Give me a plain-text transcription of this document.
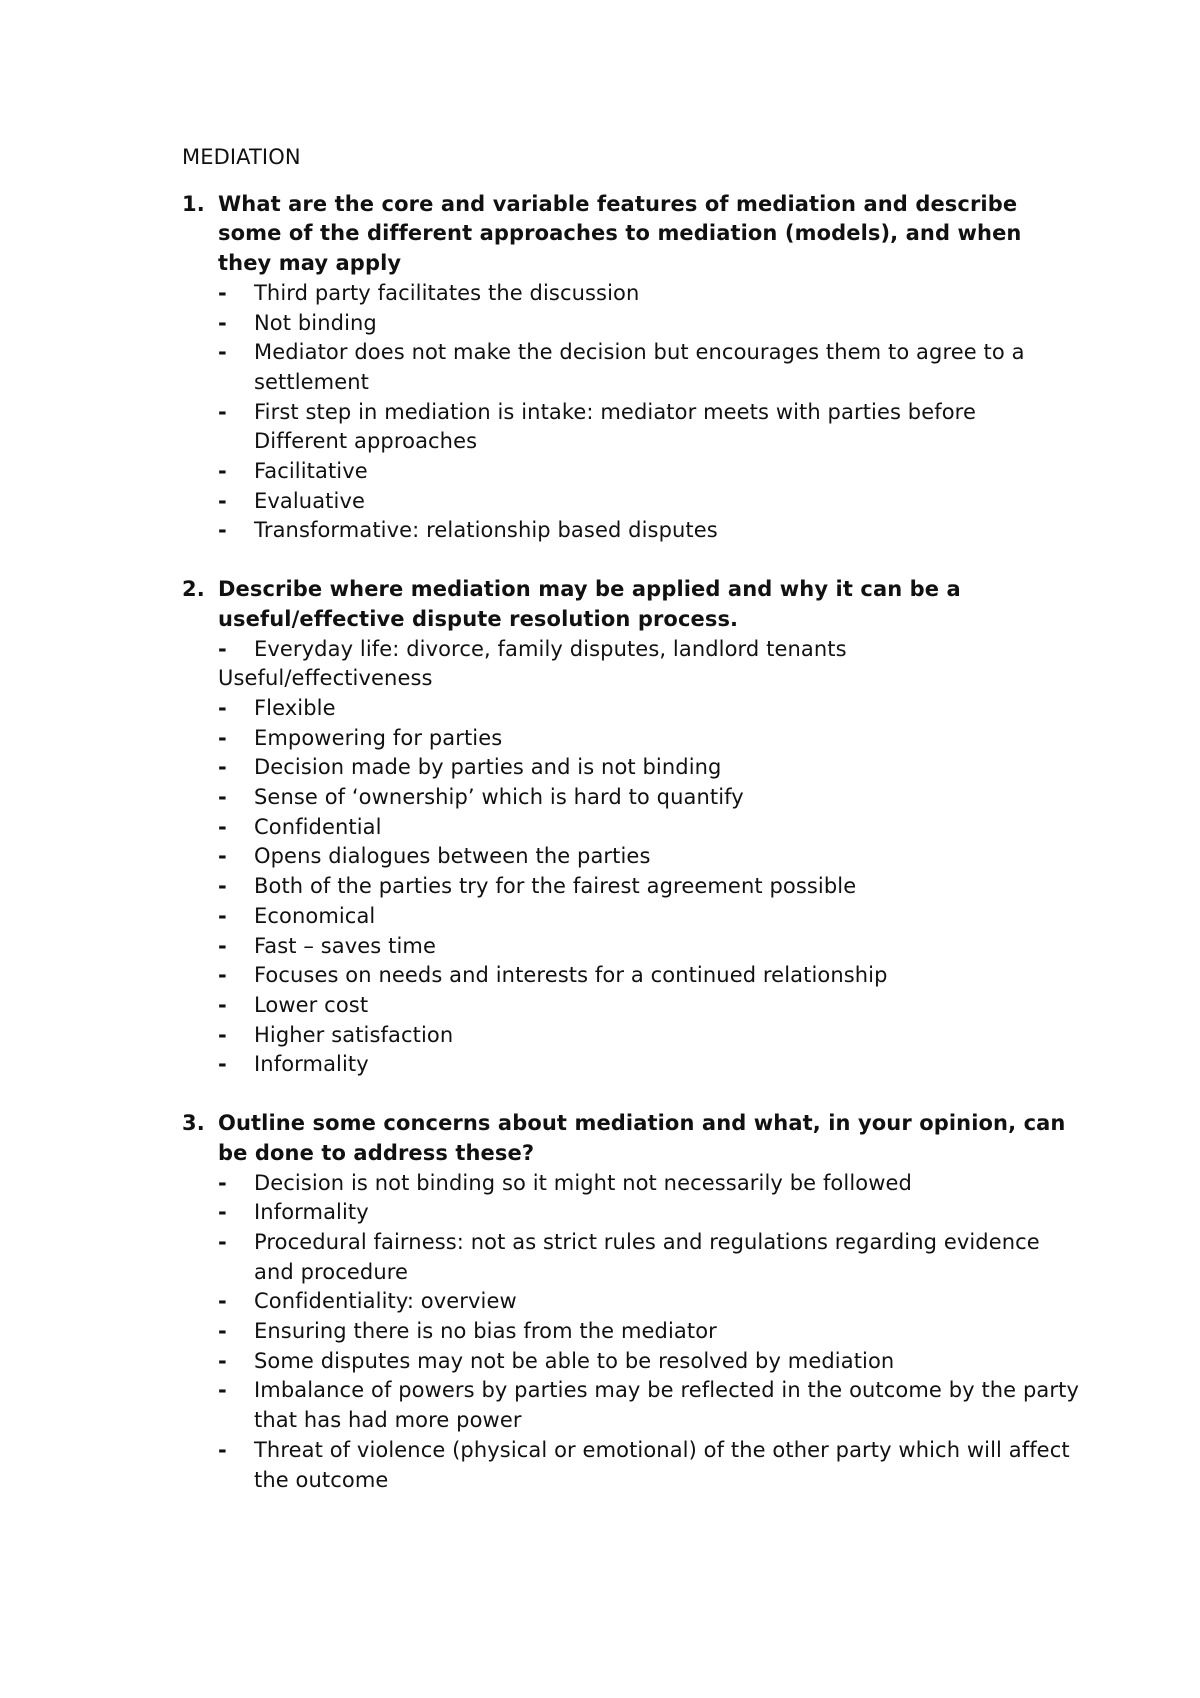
MEDIATION
1. What are the core and variable features of mediation and describe some of the different approaches to mediation (models), and when they may apply
-	Third party facilitates the discussion
-	Not binding
-	Mediator does not make the decision but encourages them to agree to a settlement
-	First step in mediation is intake: mediator meets with parties before
Different approaches
-	Facilitative
-	Evaluative
-	Transformative: relationship based disputes
2. Describe where mediation may be applied and why it can be a useful/effective dispute resolution process.
-	Everyday life: divorce, family disputes, landlord tenants
Useful/effectiveness
-	Flexible
-	Empowering for parties
-	Decision made by parties and is not binding
-	Sense of ‘ownership’ which is hard to quantify
-	Confidential
-	Opens dialogues between the parties
-	Both of the parties try for the fairest agreement possible
-	Economical
-	Fast – saves time
-	Focuses on needs and interests for a continued relationship
-	Lower cost
-	Higher satisfaction
-	Informality
3. Outline some concerns about mediation and what, in your opinion, can be done to address these?
-	Decision is not binding so it might not necessarily be followed
-	Informality
-	Procedural fairness: not as strict rules and regulations regarding evidence and procedure
-	Confidentiality: overview
-	Ensuring there is no bias from the mediator
-	Some disputes may not be able to be resolved by mediation
-	Imbalance of powers by parties may be reflected in the outcome by the party that has had more power
-	Threat of violence (physical or emotional) of the other party which will affect the outcome
